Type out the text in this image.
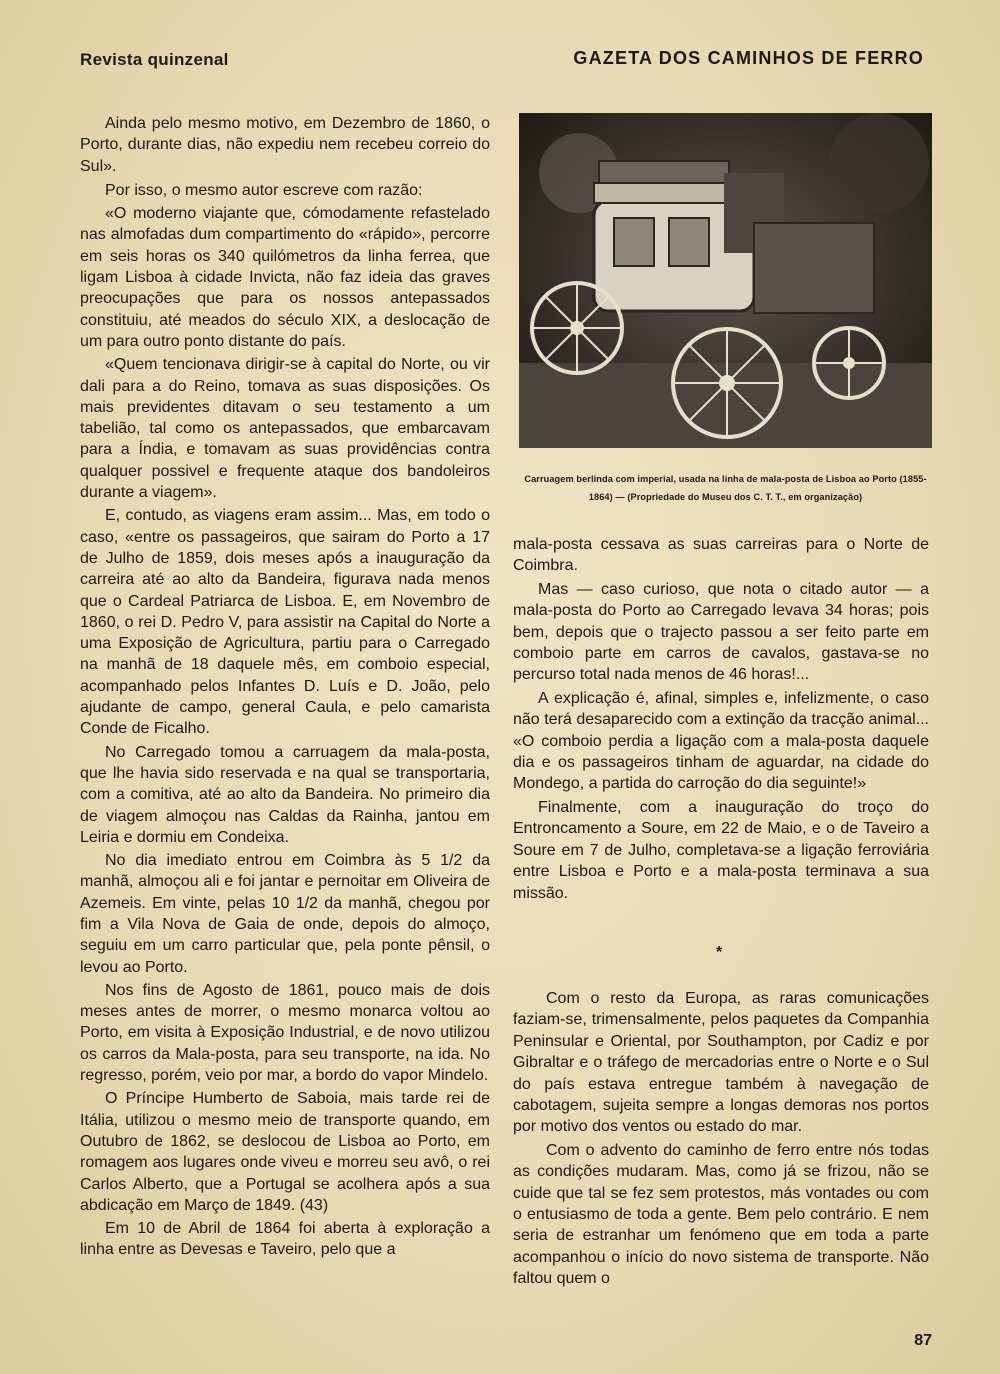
Revista quinzenal	GAZETA DOS CAMINHOS DE FERRO

Ainda pelo mesmo motivo, em Dezembro de 1860, o Porto, durante dias, não expediu nem recebeu correio do Sul».

Por isso, o mesmo autor escreve com razão:

«O moderno viajante que, cómodamente refastelado nas almofadas dum compartimento do «rápido», percorre em seis horas os 340 quilómetros da linha ferrea, que ligam Lisboa à cidade Invicta, não faz ideia das graves preocupações que para os nossos antepassados constituiu, até meados do século XIX, a deslocação de um para outro ponto distante do país.

«Quem tencionava dirigir-se à capital do Norte, ou vir dali para a do Reino, tomava as suas disposições. Os mais previdentes ditavam o seu testamento a um tabelião, tal como os antepassados, que embarcavam para a Índia, e tomavam as suas providências contra qualquer possivel e frequente ataque dos bandoleiros durante a viagem».

E, contudo, as viagens eram assim... Mas, em todo o caso, «entre os passageiros, que sairam do Porto a 17 de Julho de 1859, dois meses após a inauguração da carreira até ao alto da Bandeira, figurava nada menos que o Cardeal Patriarca de Lisboa. E, em Novembro de 1860, o rei D. Pedro V, para assistir na Capital do Norte a uma Exposição de Agricultura, partiu para o Carregado na manhã de 18 daquele mês, em comboio especial, acompanhado pelos Infantes D. Luís e D. João, pelo ajudante de campo, general Caula, e pelo camarista Conde de Ficalho.

No Carregado tomou a carruagem da mala-posta, que lhe havia sido reservada e na qual se transportaria, com a comitiva, até ao alto da Bandeira. No primeiro dia de viagem almoçou nas Caldas da Rainha, jantou em Leiria e dormiu em Condeixa.

No dia imediato entrou em Coimbra às 5 1/2 da manhã, almoçou ali e foi jantar e pernoitar em Oliveira de Azemeis. Em vinte, pelas 10 1/2 da manhã, chegou por fim a Vila Nova de Gaia de onde, depois do almoço, seguiu em um carro particular que, pela ponte pênsil, o levou ao Porto.

Nos fins de Agosto de 1861, pouco mais de dois meses antes de morrer, o mesmo monarca voltou ao Porto, em visita à Exposição Industrial, e de novo utilizou os carros da Mala-posta, para seu transporte, na ida. No regresso, porém, veio por mar, a bordo do vapor Mindelo.

O Príncipe Humberto de Saboia, mais tarde rei de Itália, utilizou o mesmo meio de transporte quando, em Outubro de 1862, se deslocou de Lisboa ao Porto, em romagem aos lugares onde viveu e morreu seu avô, o rei Carlos Alberto, que a Portugal se acolhera após a sua abdicação em Março de 1849. (43)

Em 10 de Abril de 1864 foi aberta à exploração a linha entre as Devesas e Taveiro, pelo que a

Carruagem berlinda com imperial, usada na linha de mala-posta de Lisboa ao Porto (1855-1864) — (Propriedade do Museu dos C. T. T., em organização)

mala-posta cessava as suas carreiras para o Norte de Coimbra.

Mas — caso curioso, que nota o citado autor — a mala-posta do Porto ao Carregado levava 34 horas; pois bem, depois que o trajecto passou a ser feito parte em comboio parte em carros de cavalos, gastava-se no percurso total nada menos de 46 horas!...

A explicação é, afinal, simples e, infelizmente, o caso não terá desaparecido com a extinção da tracção animal... «O comboio perdia a ligação com a mala-posta daquele dia e os passageiros tinham de aguardar, na cidade do Mondego, a partida do carroção do dia seguinte!»

Finalmente, com a inauguração do troço do Entroncamento a Soure, em 22 de Maio, e o de Taveiro a Soure em 7 de Julho, completava-se a ligação ferroviária entre Lisboa e Porto e a mala-posta terminava a sua missão.

*

Com o resto da Europa, as raras comunicações faziam-se, trimensalmente, pelos paquetes da Companhia Peninsular e Oriental, por Southampton, por Cadiz e por Gibraltar e o tráfego de mercadorias entre o Norte e o Sul do país estava entregue também à navegação de cabotagem, sujeita sempre a longas demoras nos portos por motivo dos ventos ou estado do mar.

Com o advento do caminho de ferro entre nós todas as condições mudaram. Mas, como já se frizou, não se cuide que tal se fez sem protestos, más vontades ou com o entusiasmo de toda a gente. Bem pelo contrário. E nem seria de estranhar um fenómeno que em toda a parte acompanhou o início do novo sistema de transporte. Não faltou quem o

87
